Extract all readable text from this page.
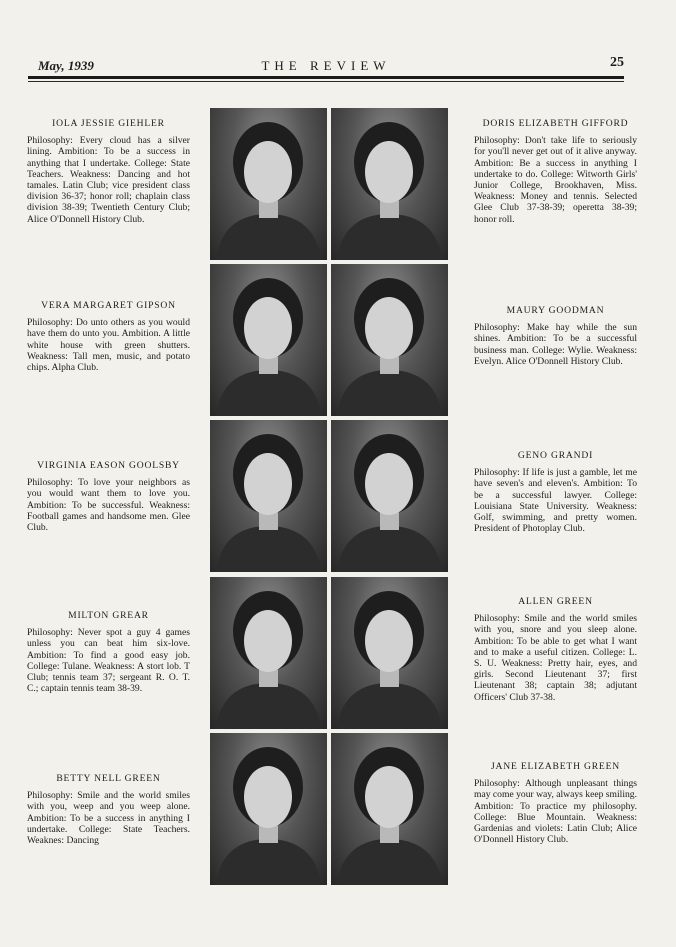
May, 1939	THE REVIEW	25
IOLA JESSIE GIEHLER
Philosophy: Every cloud has a silver lining. Ambition: To be a success in anything that I undertake. College: State Teachers. Weakness: Dancing and hot tamales. Latin Club; vice president class division 36-37; honor roll; chaplain class division 38-39; Twentieth Century Club; Alice O'Donnell History Club.
DORIS ELIZABETH GIFFORD
Philosophy: Don't take life to seriously for you'll never get out of it alive anyway. Ambition: Be a success in anything I undertake to do. College: Witworth Girls' Junior College, Brookhaven, Miss. Weakness: Money and tennis. Selected Glee Club 37-38-39; operetta 38-39; honor roll.
VERA MARGARET GIPSON
Philosophy: Do unto others as you would have them do unto you. Ambition. A little white house with green shutters. Weakness: Tall men, music, and potato chips. Alpha Club.
MAURY GOODMAN
Philosophy: Make hay while the sun shines. Ambition: To be a successful business man. College: Wylie. Weakness: Evelyn. Alice O'Donnell History Club.
VIRGINIA EASON GOOLSBY
Philosophy: To love your neighbors as you would want them to love you. Ambition: To be successful. Weakness: Football games and handsome men. Glee Club.
GENO GRANDI
Philosophy: If life is just a gamble, let me have seven's and eleven's. Ambition: To be a successful lawyer. College: Louisiana State University. Weakness: Golf, swimming, and pretty women. President of Photoplay Club.
MILTON GREAR
Philosophy: Never spot a guy 4 games unless you can beat him six-love. Ambition: To find a good easy job. College: Tulane. Weakness: A stort lob. T Club; tennis team 37; sergeant R. O. T. C.; captain tennis team 38-39.
ALLEN GREEN
Philosophy: Smile and the world smiles with you, snore and you sleep alone. Ambition: To be able to get what I want and to make a useful citizen. College: L. S. U. Weakness: Pretty hair, eyes, and girls. Second Lieutenant 37; first Lieutenant 38; captain 38; adjutant Officers' Club 37-38.
BETTY NELL GREEN
Philosophy: Smile and the world smiles with you, weep and you weep alone. Ambition: To be a success in anything I undertake. College: State Teachers. Weaknes: Dancing
JANE ELIZABETH GREEN
Philosophy: Although unpleasant things may come your way, always keep smiling. Ambition: To practice my philosophy. College: Blue Mountain. Weakness: Gardenias and violets: Latin Club; Alice O'Donnell History Club.
